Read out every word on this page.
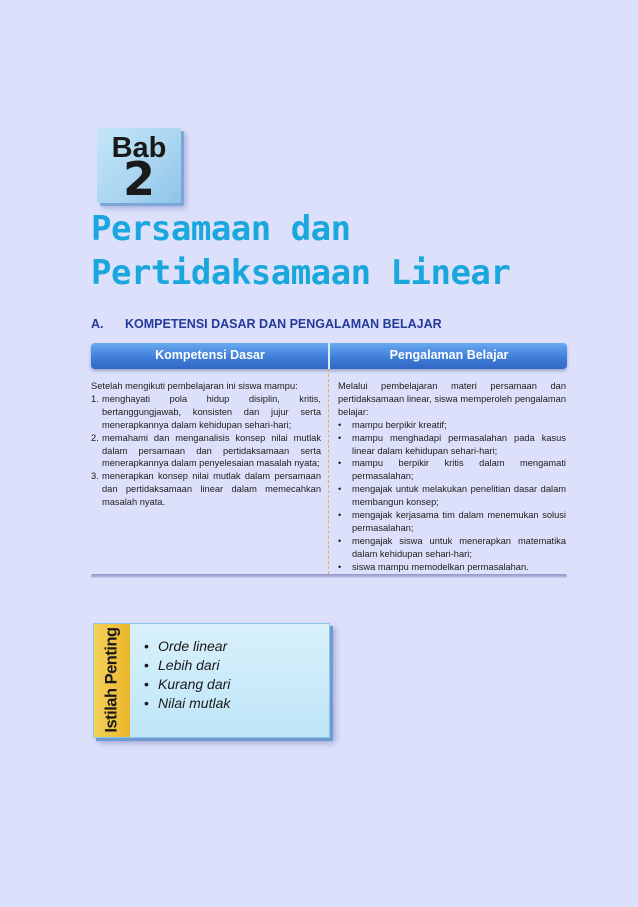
Bab
2
Persamaan dan
Pertidaksamaan Linear
A. KOMPETENSI DASAR DAN PENGALAMAN BELAJAR
Kompetensi Dasar	Pengalaman Belajar

Setelah mengikuti pembelajaran ini siswa mampu:

1. menghayati pola hidup disiplin, kritis, bertanggungjawab, konsisten dan jujur serta menerapkannya dalam kehidupan sehari-hari;
2. memahami dan menganalisis konsep nilai mutlak dalam persamaan dan pertidaksamaan serta menerapkannya dalam penyelesaian masalah nyata;
3. menerapkan konsep nilai mutlak dalam persamaan dan pertidaksamaan linear dalam memecahkan masalah nyata.

Melalui pembelajaran materi persamaan dan pertidaksamaan linear, siswa memperoleh pengalaman belajar:

• mampu berpikir kreatif;
• mampu menghadapi permasalahan pada kasus linear dalam kehidupan sehari-hari;
• mampu berpikir kritis dalam mengamati permasalahan;
• mengajak untuk melakukan penelitian dasar dalam membangun konsep;
• mengajak kerjasama tim dalam menemukan solusi permasalahan;
• mengajak siswa untuk menerapkan matematika dalam kehidupan sehari-hari;
• siswa mampu memodelkan permasalahan.
Istilah Penting • Orde linear
• Lebih dari
• Kurang dari
• Nilai mutlak
